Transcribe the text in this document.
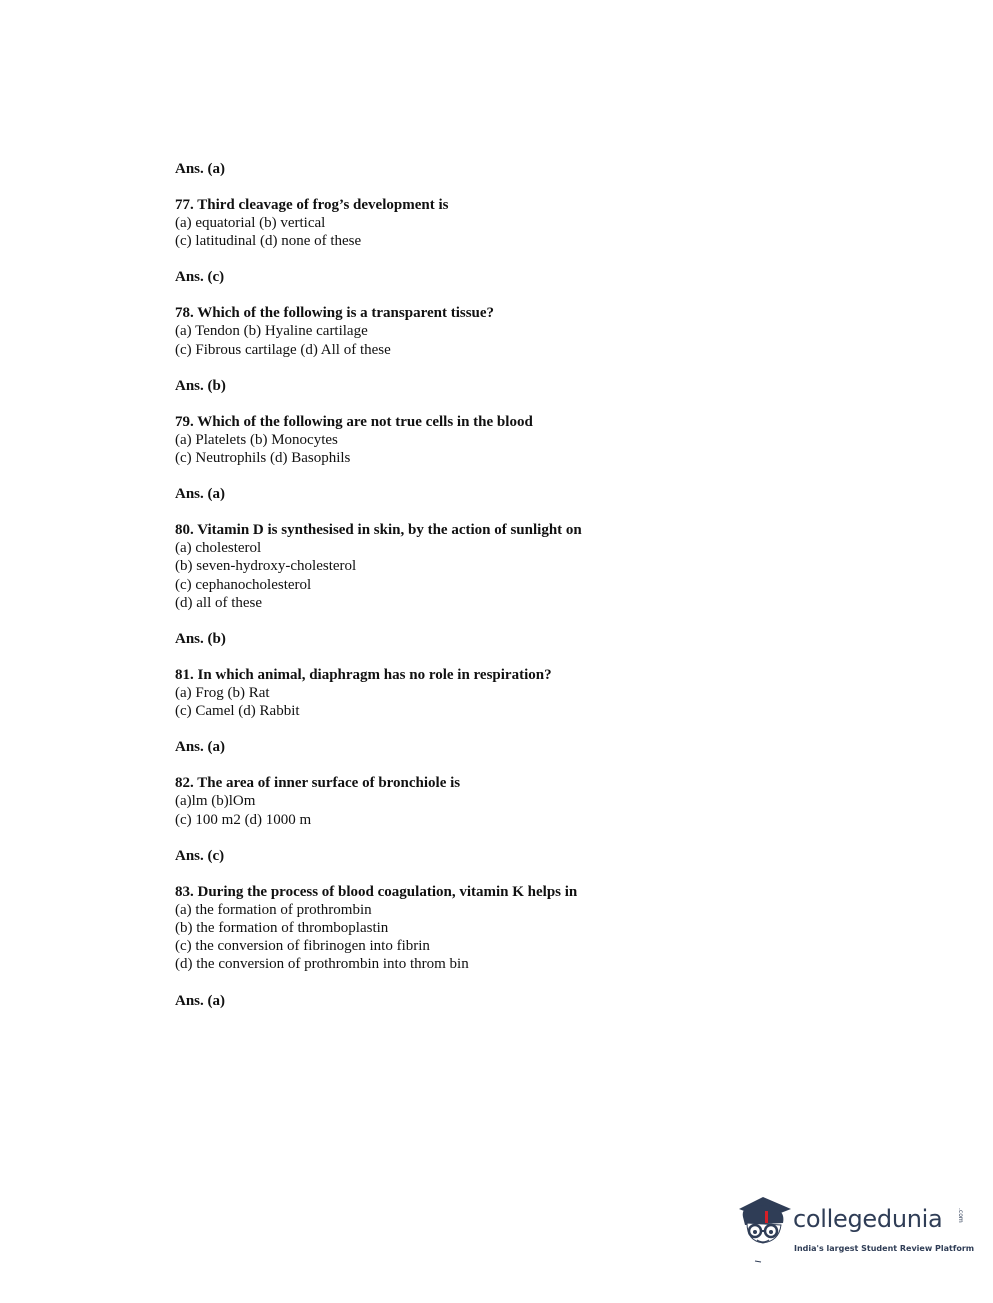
Ans. (a)
77. Third cleavage of frog’s development is
(a) equatorial (b) vertical
(c) latitudinal (d) none of these
Ans. (c)
78. Which of the following is a transparent tissue?
(a) Tendon (b) Hyaline cartilage
(c) Fibrous cartilage (d) All of these
Ans. (b)
79. Which of the following are not true cells in the blood
(a) Platelets (b) Monocytes
(c) Neutrophils (d) Basophils
Ans. (a)
80. Vitamin D is synthesised in skin, by the action of sunlight on
(a) cholesterol
(b) seven-hydroxy-cholesterol
(c) cephanocholesterol
(d) all of these
Ans. (b)
81. In which animal, diaphragm has no role in respiration?
(a) Frog (b) Rat
(c) Camel (d) Rabbit
Ans. (a)
82. The area of inner surface of bronchiole is
(a)lm (b)lOm
(c) 100 m2 (d) 1000 m
Ans. (c)
83. During the process of blood coagulation, vitamin K helps in
(a) the formation of prothrombin
(b) the formation of thromboplastin
(c) the conversion of fibrinogen into fibrin
(d) the conversion of prothrombin into throm bin
Ans. (a)
collegedunia .com
India's largest Student Review Platform
